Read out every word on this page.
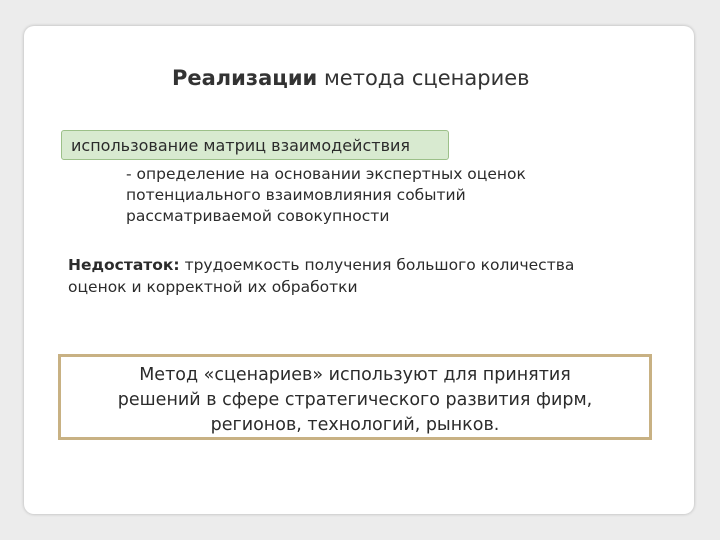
Реализации метода сценариев
использование матриц взаимодействия
- определение на основании экспертных оценок
потенциального взаимовлияния событий
рассматриваемой совокупности
Недостаток: трудоемкость получения большого количества
оценок и корректной их обработки
Метод «сценариев» используют для принятия
решений в сфере стратегического развития фирм,
регионов, технологий, рынков.
